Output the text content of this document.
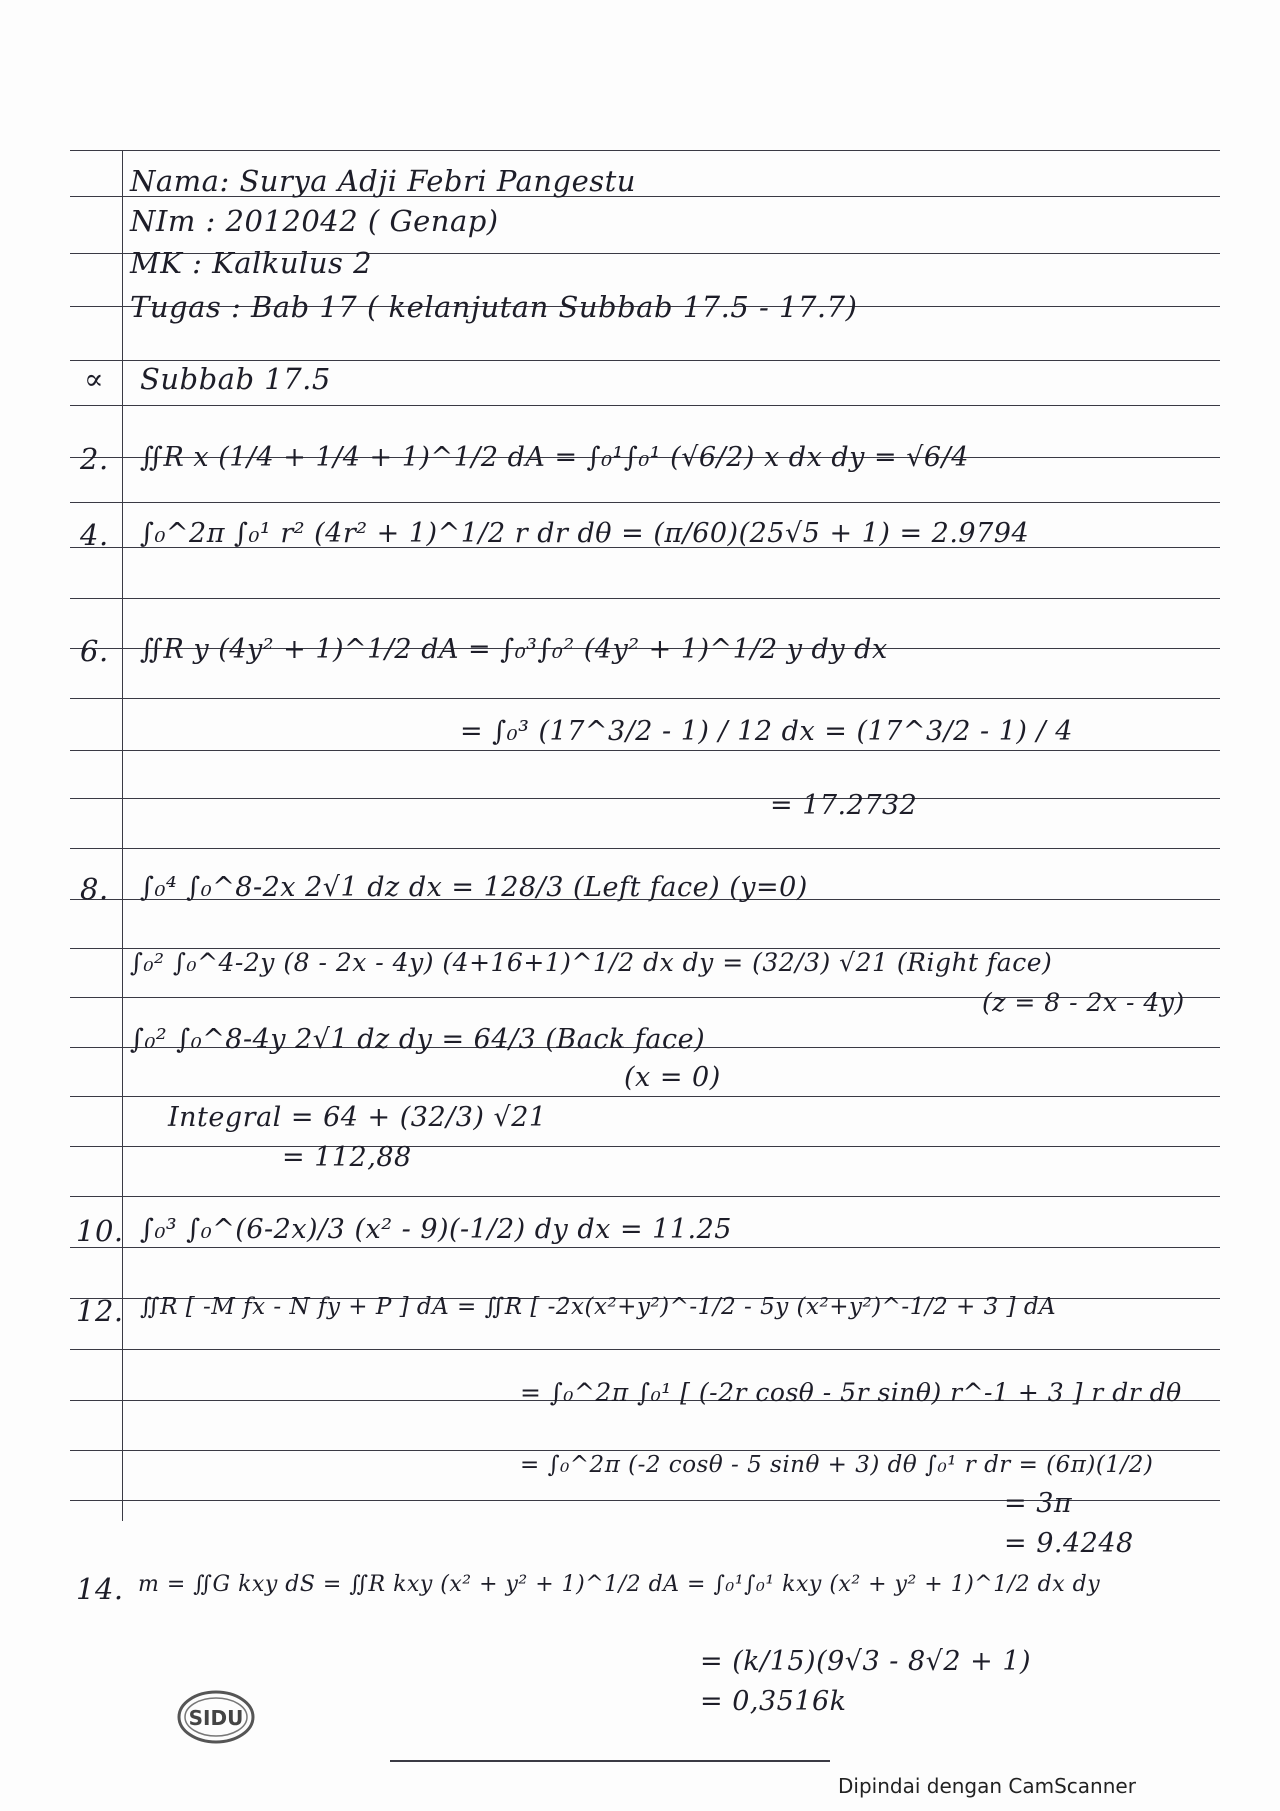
Nama: Surya Adji Febri Pangestu
NIm : 2012042 ( Genap)
MK : Kalkulus 2
Tugas : Bab 17 ( kelanjutan Subbab 17.5 - 17.7)
∝ Subbab 17.5
2. ∬R x (1/4 + 1/4 + 1)^1/2 dA = ∫₀¹∫₀¹ (√6/2) x dx dy = √6/4
4. ∫₀^2π ∫₀¹ r² (4r² + 1)^1/2 r dr dθ = (π/60)(25√5 + 1) = 2.9794
6. ∬R y (4y² + 1)^1/2 dA = ∫₀³∫₀² (4y² + 1)^1/2 y dy dx
= ∫₀³ (17^3/2 - 1) / 12 dx = (17^3/2 - 1) / 4
= 17.2732
8. ∫₀⁴ ∫₀^8-2x 2√1 dz dx = 128/3 (Left face) (y=0)
∫₀² ∫₀^4-2y (8 - 2x - 4y) (4+16+1)^1/2 dx dy = (32/3) √21 (Right face)
(z = 8 - 2x - 4y)
∫₀² ∫₀^8-4y 2√1 dz dy = 64/3 (Back face)
(x = 0)
Integral = 64 + (32/3) √21
= 112,88
10. ∫₀³ ∫₀^(6-2x)/3 (x² - 9)(-1/2) dy dx = 11.25
12. ∬R [ -M fx - N fy + P ] dA = ∬R [ -2x(x²+y²)^-1/2 - 5y (x²+y²)^-1/2 + 3 ] dA
= ∫₀^2π ∫₀¹ [ (-2r cosθ - 5r sinθ) r^-1 + 3 ] r dr dθ
= ∫₀^2π (-2 cosθ - 5 sinθ + 3) dθ ∫₀¹ r dr = (6π)(1/2)
= 3π
= 9.4248
14. m = ∬G kxy dS = ∬R kxy (x² + y² + 1)^1/2 dA = ∫₀¹∫₀¹ kxy (x² + y² + 1)^1/2 dx dy
= (k/15)(9√3 - 8√2 + 1)
= 0,3516k
SIDU
Dipindai dengan CamScanner
